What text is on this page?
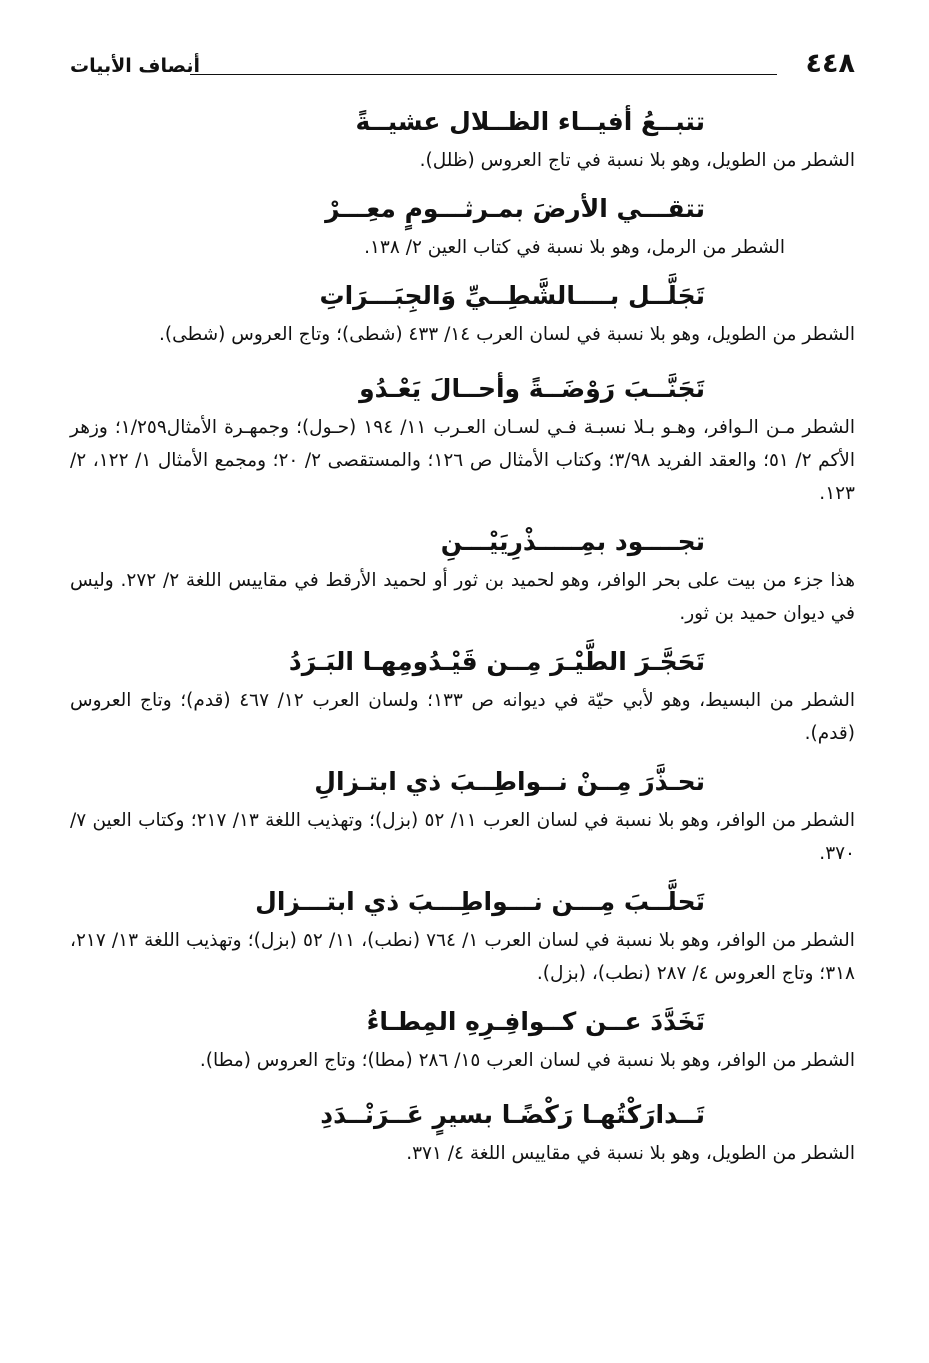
٤٤٨
أنصاف الأبيات
تتبــعُ أفيــاء الظــلال عشيــةً

الشطر من الطويل، وهو بلا نسبة في تاج العروس (ظلل).

تتقـــي الأرضَ بمـرثـــومٍ معِـــرْ

الشطر من الرمل، وهو بلا نسبة في كتاب العين ٢/ ١٣٨.

تَجَلَّــل بــــالشَّطِــيِّ وَالجِبَـــرَاتِ

الشطر من الطويل، وهو بلا نسبة في لسان العرب ١٤/ ٤٣٣ (شطى)؛ وتاج العروس (شطى).

تَجَنَّــبَ رَوْضَــةً وأحــالَ يَعْـدُو

الشطر مـن الـوافر، وهـو بـلا نسبـة فـي لسـان العـرب ١١/ ١٩٤ (حـول)؛ وجمهـرة الأمثال١/٢٥٩؛ وزهر الأكم ٢/ ٥١؛ والعقد الفريد ٣/٩٨؛ وكتاب الأمثال ص ١٢٦؛ والمستقصى ٢/ ٢٠؛ ومجمع الأمثال ١/ ١٢٢، ٢/ ١٢٣.

تجــــود بمِـــــذْرِيَيْـــنِ

هذا جزء من بيت على بحر الوافر، وهو لحميد بن ثور أو لحميد الأرقط في مقاييس اللغة ٢/ ٢٧٢. وليس في ديوان حميد بن ثور.

تَحَجَّـرَ الطَّيْـرَ مِــن قَيْـدُومِهـا البَـرَدُ

الشطر من البسيط، وهو لأبي حيّة في ديوانه ص ١٣٣؛ ولسان العرب ١٢/ ٤٦٧ (قدم)؛ وتاج العروس (قدم).

تحـذَّرَ مِــنْ نــواطِــبَ ذي ابتـزالِ

الشطر من الوافر، وهو بلا نسبة في لسان العرب ١١/ ٥٢ (بزل)؛ وتهذيب اللغة ١٣/ ٢١٧؛ وكتاب العين ٧/ ٣٧٠.

تَحلَّــبَ مِـــن نـــواطِـــبَ ذي ابتـــزال

الشطر من الوافر، وهو بلا نسبة في لسان العرب ١/ ٧٦٤ (نطب)، ١١/ ٥٢ (بزل)؛ وتهذيب اللغة ١٣/ ٢١٧، ٣١٨؛ وتاج العروس ٤/ ٢٨٧ (نطب)، (بزل).

تَخَدَّدَ عــن كــوافِـرِهِ المِطـاءُ

الشطر من الوافر، وهو بلا نسبة في لسان العرب ١٥/ ٢٨٦ (مطا)؛ وتاج العروس (مطا).

تَــدارَكْتُهـا رَكْضًـا بسيرٍ عَــرَنْــدَدِ

الشطر من الطويل، وهو بلا نسبة في مقاييس اللغة ٤/ ٣٧١.
